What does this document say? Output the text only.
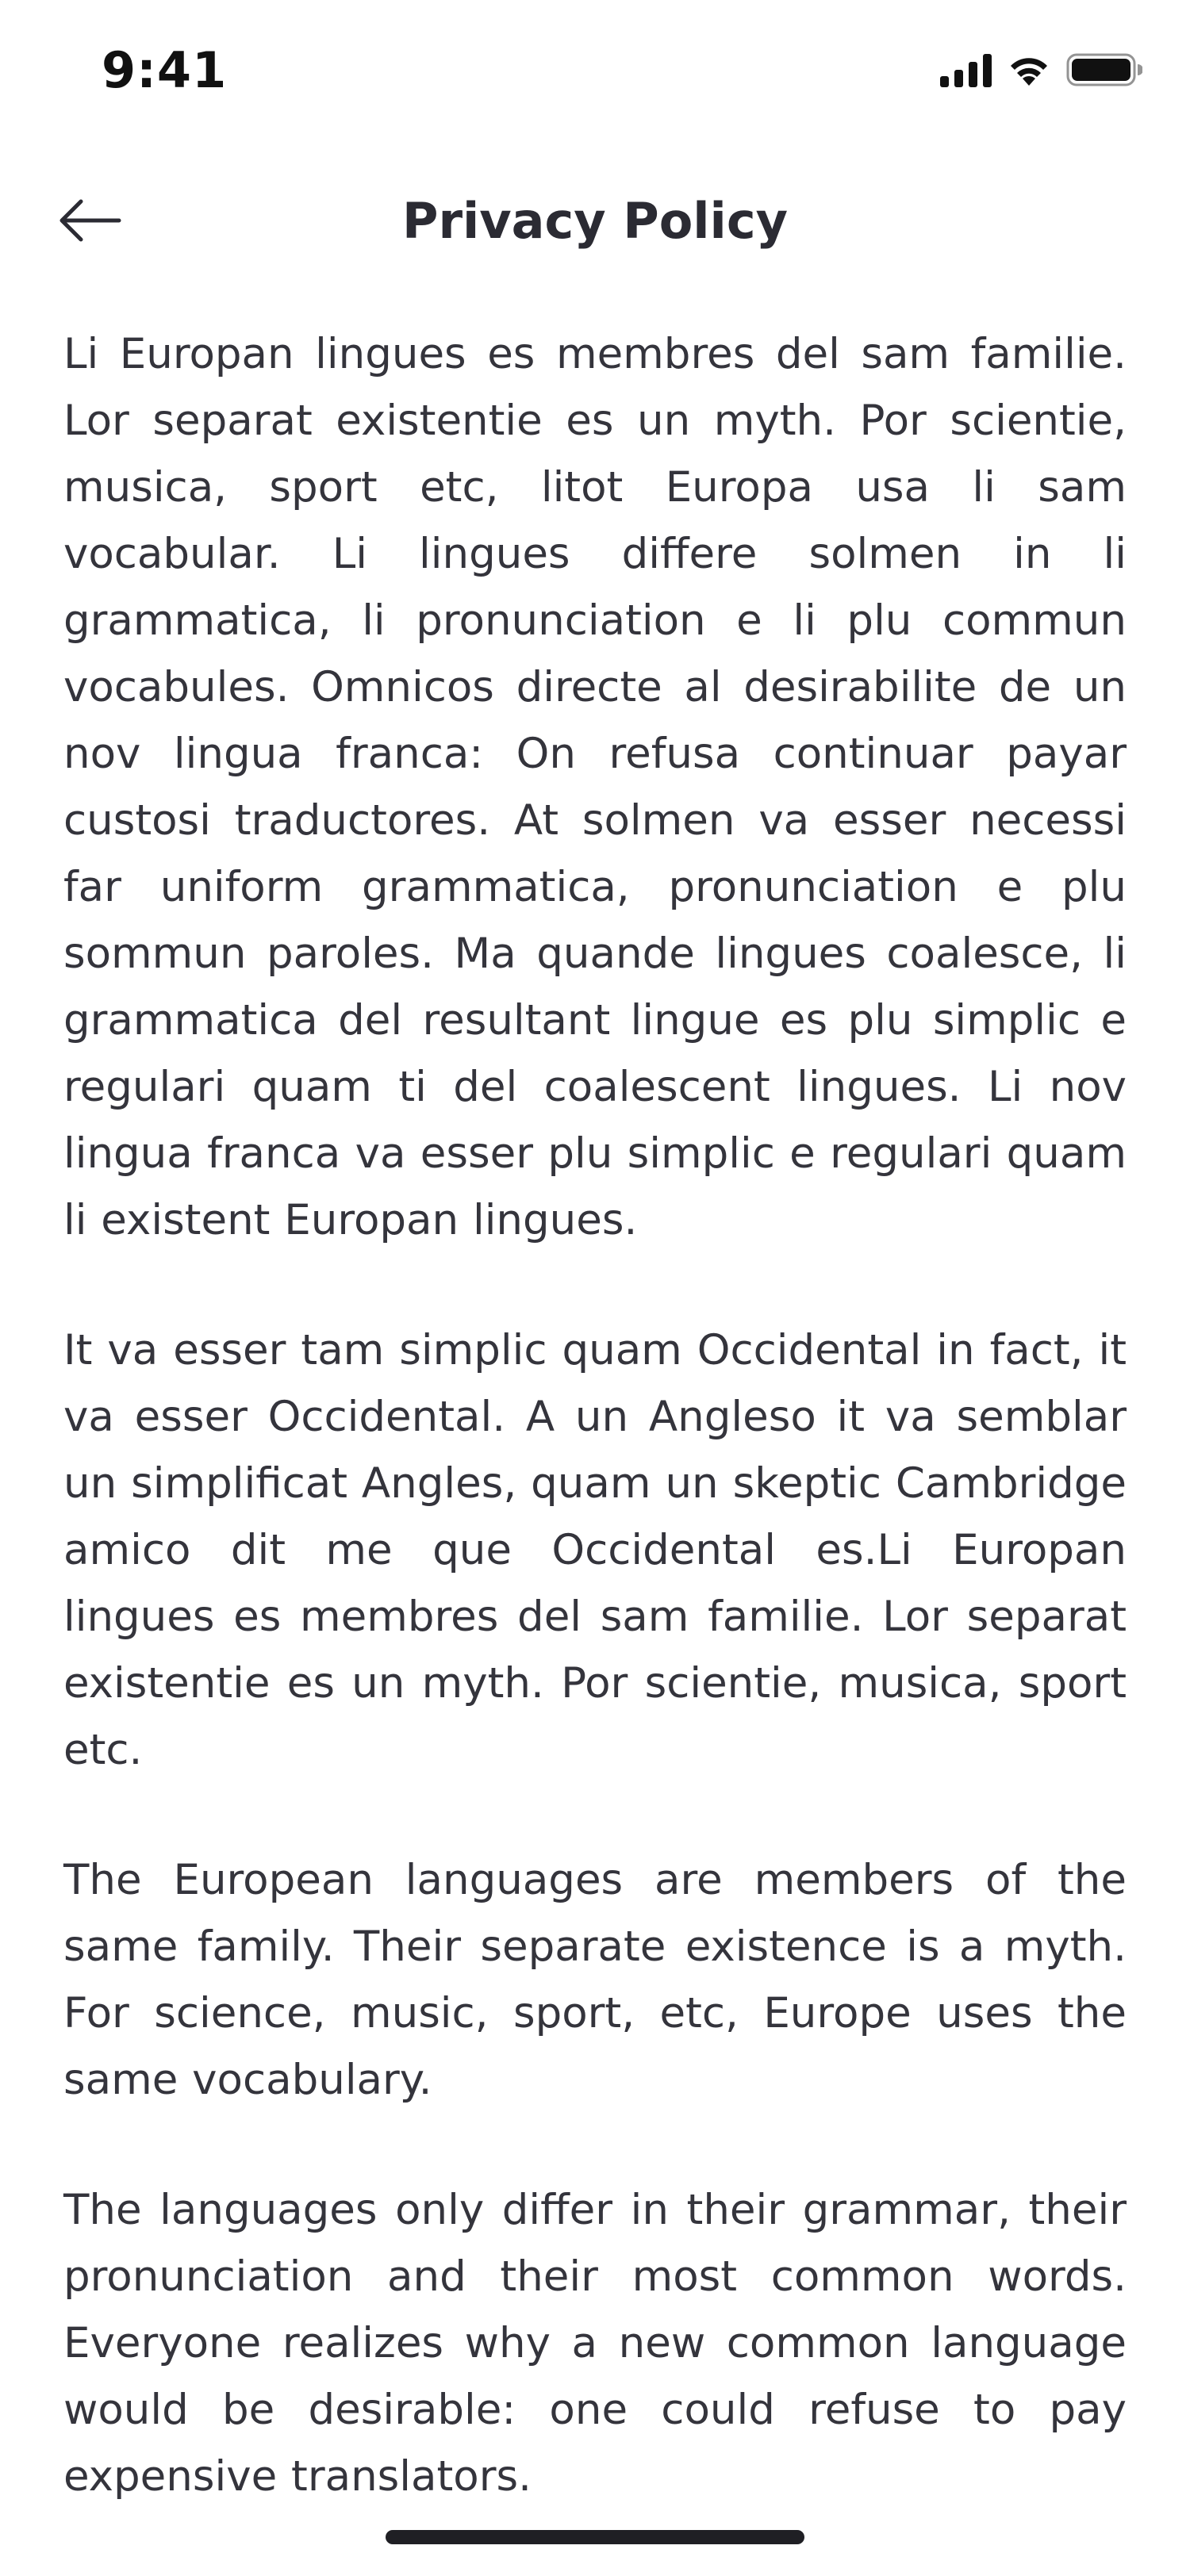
9:41
Privacy Policy

Li Europan lingues es membres del sam familie. Lor separat existentie es un myth. Por scientie, musica, sport etc, litot Europa usa li sam vocabular. Li lingues differe solmen in li grammatica, li pronunciation e li plu commun vocabules. Omnicos directe al desirabilite de un nov lingua franca: On refusa continuar payar custosi traductores. At solmen va esser necessi far uniform grammatica, pronunciation e plu sommun paroles. Ma quande lingues coalesce, li grammatica del resultant lingue es plu simplic e regulari quam ti del coalescent lingues. Li nov lingua franca va esser plu simplic e regulari quam li existent Europan lingues.

It va esser tam simplic quam Occidental in fact, it va esser Occidental. A un Angleso it va semblar un simplificat Angles, quam un skeptic Cambridge amico dit me que Occidental es.Li Europan lingues es membres del sam familie. Lor separat existentie es un myth. Por scientie, musica, sport etc.

The European languages are members of the same family. Their separate existence is a myth. For science, music, sport, etc, Europe uses the same vocabulary.

The languages only differ in their grammar, their pronunciation and their most common words. Everyone realizes why a new common language would be desirable: one could refuse to pay expensive translators.
